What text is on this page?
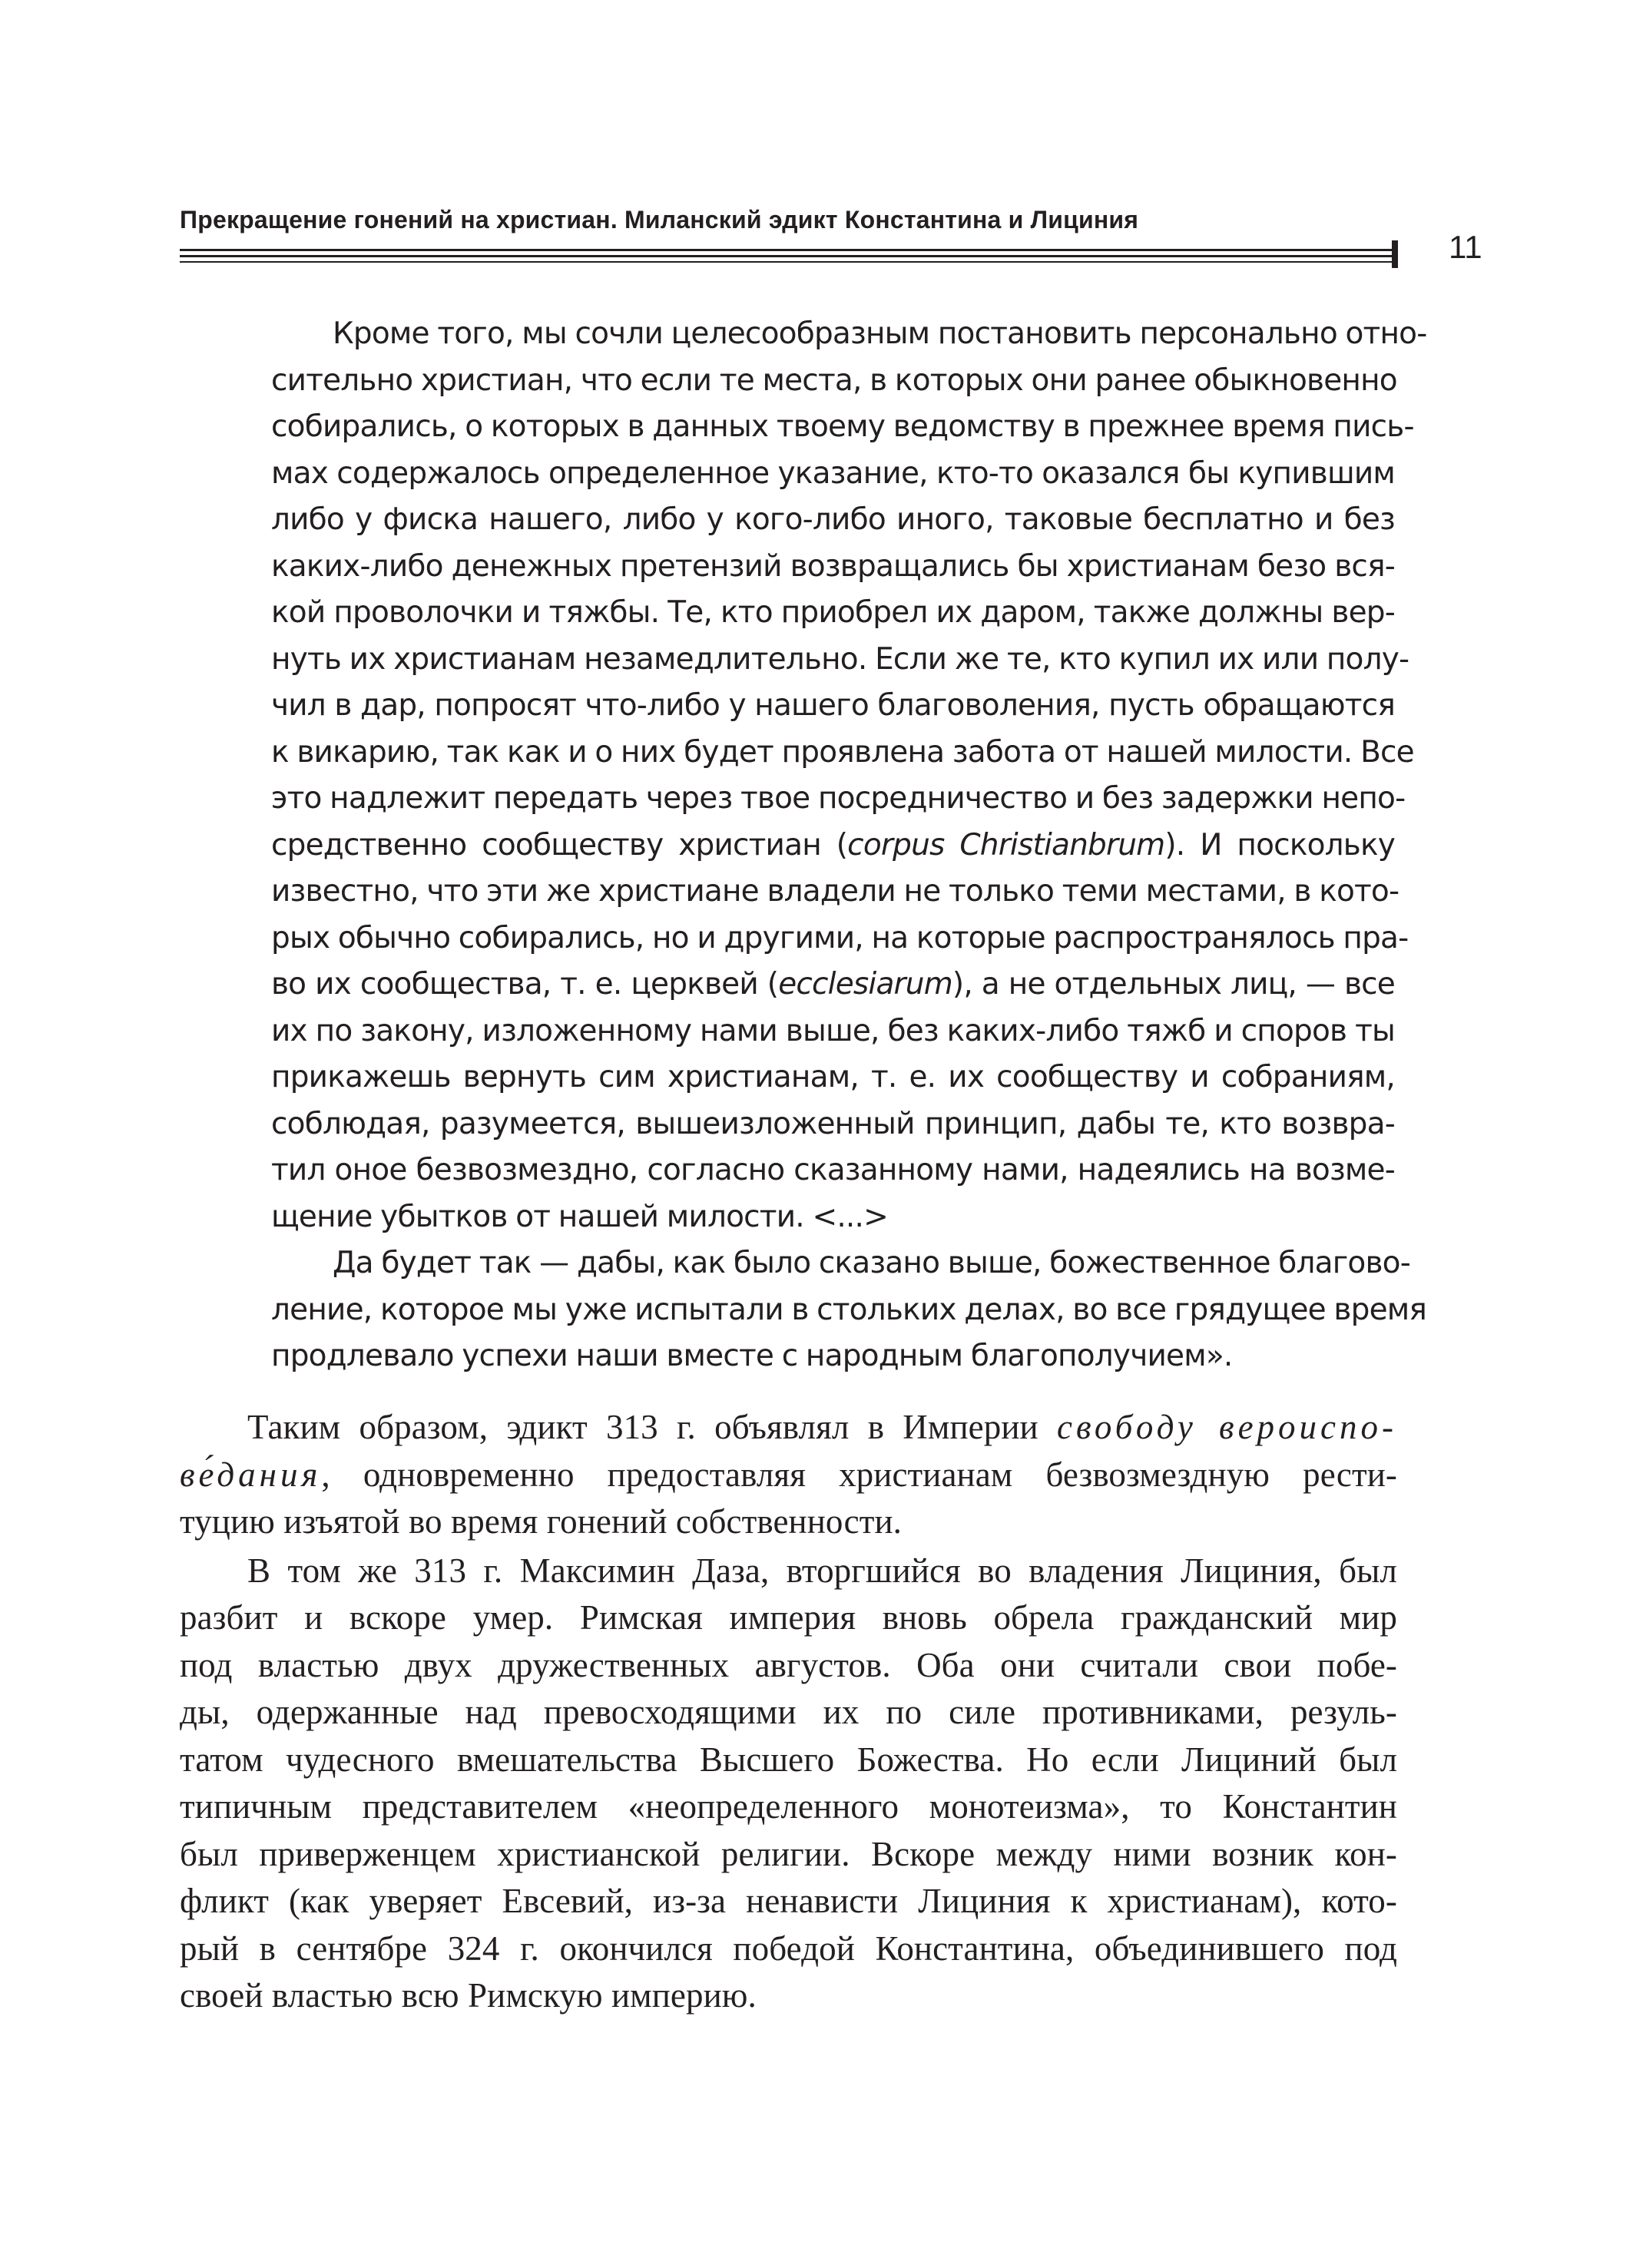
Прекращение гонений на христиан. Миланский эдикт Константина и Лициния
11
Кроме того, мы сочли целесообразным постановить персонально отно-
сительно христиан, что если те места, в которых они ранее обыкновенно
собирались, о которых в данных твоему ведомству в прежнее время пись-
мах содержалось определенное указание, кто-то оказался бы купившим
либо у фиска нашего, либо у кого-либо иного, таковые бесплатно и без
каких-либо денежных претензий возвращались бы христианам безо вся-
кой проволочки и тяжбы. Те, кто приобрел их даром, также должны вер-
нуть их христианам незамедлительно. Если же те, кто купил их или полу-
чил в дар, попросят что-либо у нашего благоволения, пусть обращаются
к викарию, так как и о них будет проявлена забота от нашей милости. Все
это надлежит передать через твое посредничество и без задержки непо-
средственно сообществу христиан (corpus Christianbrum). И поскольку
известно, что эти же христиане владели не только теми местами, в кото-
рых обычно собирались, но и другими, на которые распространялось пра-
во их сообщества, т. е. церквей (ecclesiarum), а не отдельных лиц, — все
их по закону, изложенному нами выше, без каких-либо тяжб и споров ты
прикажешь вернуть сим христианам, т. е. их сообществу и собраниям,
соблюдая, разумеется, вышеизложенный принцип, дабы те, кто возвра-
тил оное безвозмездно, согласно сказанному нами, надеялись на возме-
щение убытков от нашей милости. <...>
Да будет так — дабы, как было сказано выше, божественное благово-
ление, которое мы уже испытали в стольких делах, во все грядущее время
продлевало успехи наши вместе с народным благополучием».
Таким образом, эдикт 313 г. объявлял в Империи свободу вероиспо-
ве́дания, одновременно предоставляя христианам безвозмездную рести-
туцию изъятой во время гонений собственности.
В том же 313 г. Максимин Даза, вторгшийся во владения Лициния, был
разбит и вскоре умер. Римская империя вновь обрела гражданский мир
под властью двух дружественных августов. Оба они считали свои побе-
ды, одержанные над превосходящими их по силе противниками, резуль-
татом чудесного вмешательства Высшего Божества. Но если Лициний был
типичным представителем «неопределенного монотеизма», то Константин
был приверженцем христианской религии. Вскоре между ними возник кон-
фликт (как уверяет Евсевий, из-за ненависти Лициния к христианам), кото-
рый в сентябре 324 г. окончился победой Константина, объединившего под
своей властью всю Римскую империю.
